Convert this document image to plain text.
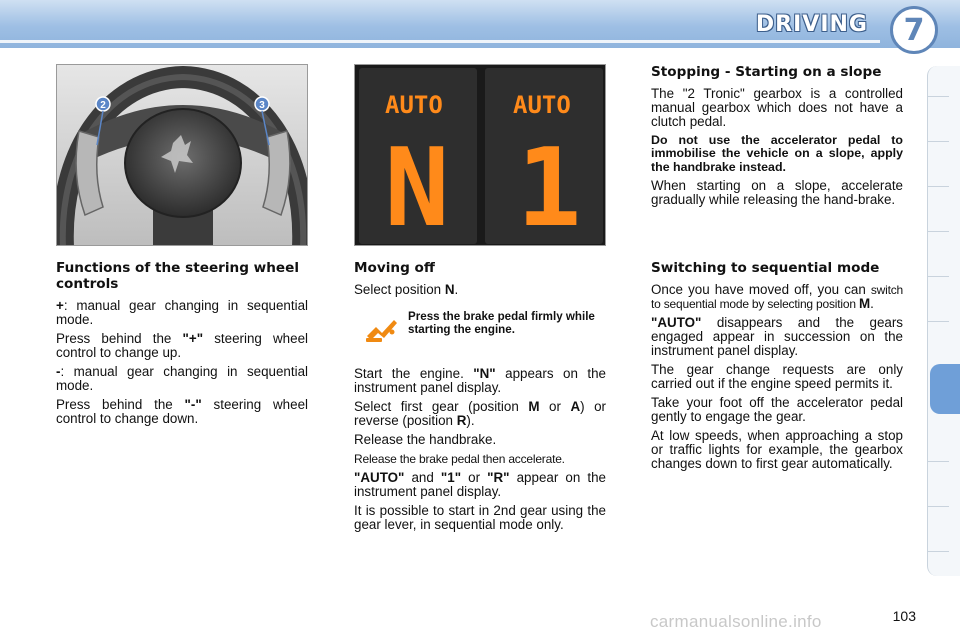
DRIVING	7
2	3	AUTO
N
AUTO
1
Functions of the steering wheel controls

+: manual gear changing in sequential mode.

Press behind the "+" steering wheel control to change up.

-: manual gear changing in sequential mode.

Press behind the "-" steering wheel control to change down.

Moving off

Select position N.

Press the brake pedal firmly while starting the engine.

Start the engine. "N" appears on the instrument panel display.

Select first gear (position M or A) or reverse (position R).

Release the handbrake.

Release the brake pedal then accelerate.

"AUTO" and "1" or "R" appear on the instrument panel display.

It is possible to start in 2nd gear using the gear lever, in sequential mode only.

Stopping - Starting on a slope

The "2 Tronic" gearbox is a controlled manual gearbox which does not have a clutch pedal.

Do not use the accelerator pedal to immobilise the vehicle on a slope, apply the handbrake instead.

When starting on a slope, accelerate gradually while releasing the hand-brake.

Switching to sequential mode

Once you have moved off, you can switch to sequential mode by selecting position M.

"AUTO" disappears and the gears engaged appear in succession on the instrument panel display.

The gear change requests are only carried out if the engine speed permits it.

Take your foot off the accelerator pedal gently to engage the gear.

At low speeds, when approaching a stop or traffic lights for example, the gearbox changes down to first gear automatically.

carmanualsonline.info	103
